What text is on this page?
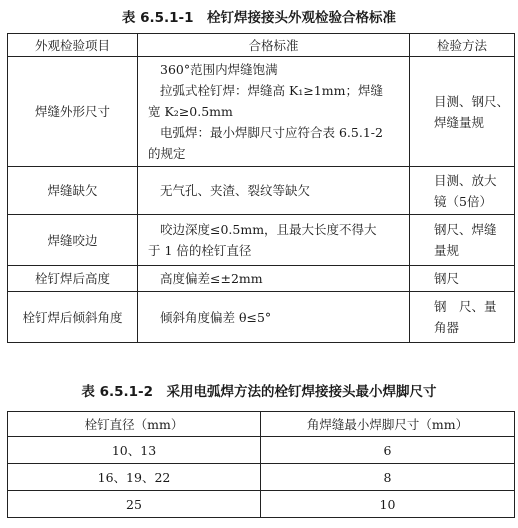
表 6.5.1-1　栓钉焊接接头外观检验合格标准
外观检验项目	合格标准	检验方法
焊缝外形尺寸	360°范围内焊缝饱满
拉弧式栓钉焊：焊缝高 K₁≥1mm；焊缝
宽 K₂≥0.5mm
电弧焊：最小焊脚尺寸应符合表 6.5.1-2
的规定	目测、钢尺、
焊缝量规

焊缝缺欠	无气孔、夹渣、裂纹等缺欠	目测、放大
镜（5倍）

焊缝咬边	咬边深度≤0.5mm，且最大长度不得大
于 1 倍的栓钉直径	钢尺、焊缝
量规

栓钉焊后高度	高度偏差≤±2mm	钢尺

栓钉焊后倾斜角度	倾斜角度偏差 θ≤5°	钢　尺、量
角器
表 6.5.1-2　采用电弧焊方法的栓钉焊接接头最小焊脚尺寸
栓钉直径（mm）	角焊缝最小焊脚尺寸（mm）
10、13	6
16、19、22	8
25	10
